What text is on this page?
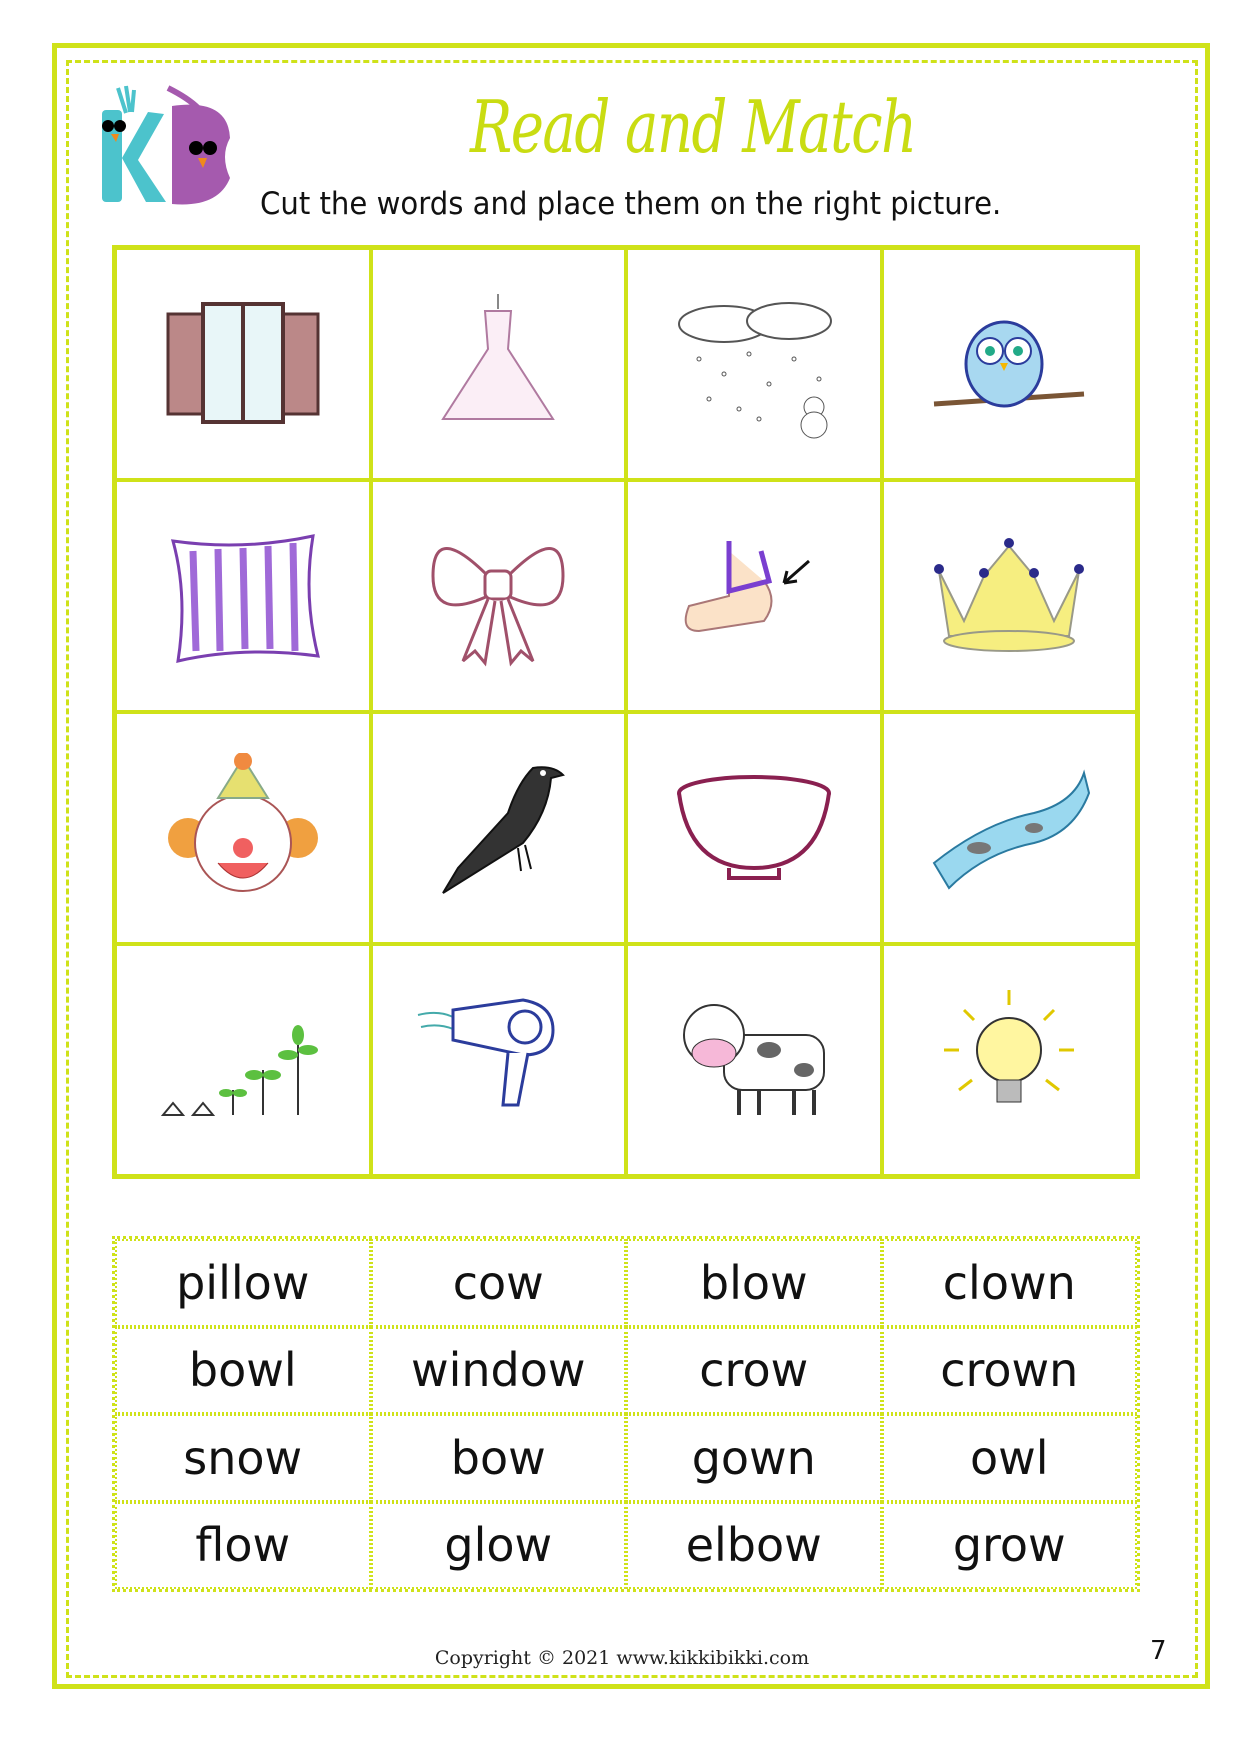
Read and Match
Cut the words and place them on the right picture.
pillow	cow	blow	clown
bowl	window	crow	crown
snow	bow	gown	owl
flow	glow	elbow	grow
Copyright © 2021 www.kikkibikki.com	7
